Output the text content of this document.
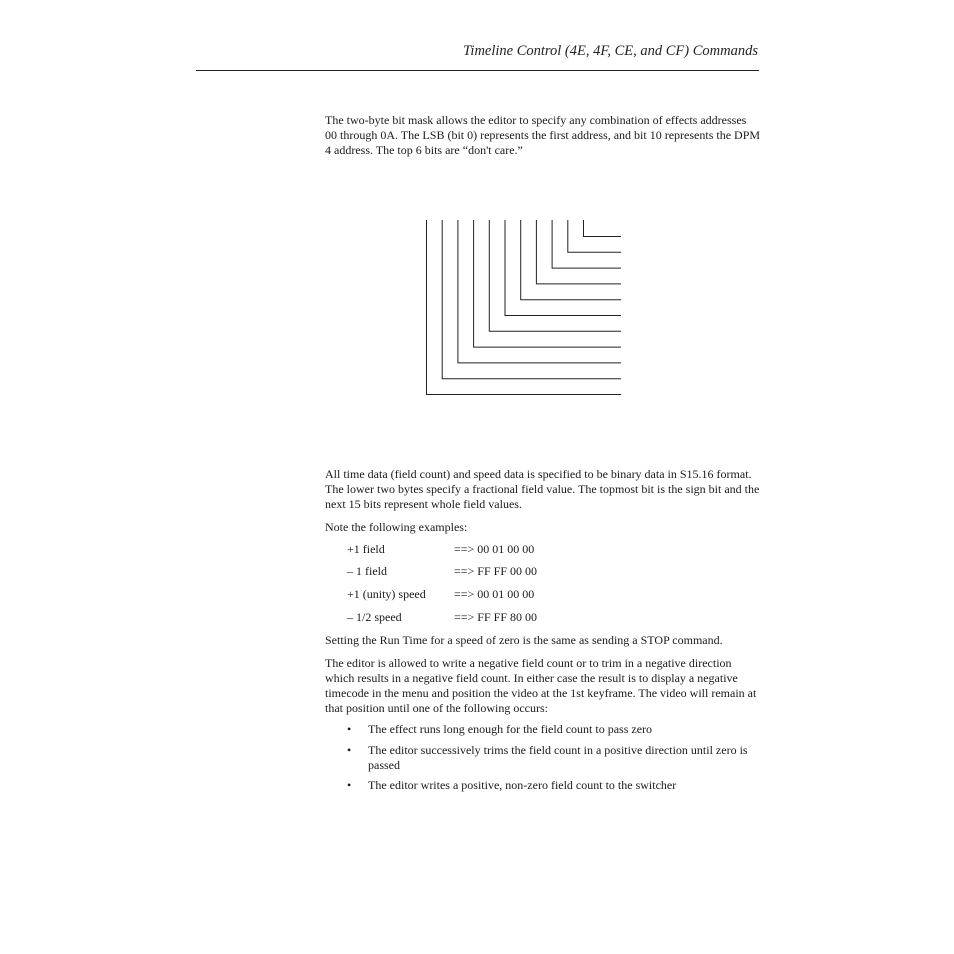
Timeline Control (4E, 4F, CE, and CF) Commands

The two-byte bit mask allows the editor to specify any combination of effects addresses 00 through 0A. The LSB (bit 0) represents the first address, and bit 10 represents the DPM 4 address. The top 6 bits are “don't care.”

All time data (field count) and speed data is specified to be binary data in S15.16 format. The lower two bytes specify a fractional field value. The topmost bit is the sign bit and the next 15 bits represent whole field values.

Note the following examples:

+1 field	==> 00 01 00 00
– 1 field	==> FF FF 00 00
+1 (unity) speed ==> 00 01 00 00
– 1/2 speed	==> FF FF 80 00

Setting the Run Time for a speed of zero is the same as sending a STOP command.

The editor is allowed to write a negative field count or to trim in a negative direction which results in a negative field count. In either case the result is to display a negative timecode in the menu and position the video at the 1st keyframe. The video will remain at that position until one of the following occurs:

• The effect runs long enough for the field count to pass zero
• The editor successively trims the field count in a positive direction until zero is passed
• The editor writes a positive, non-zero field count to the switcher
